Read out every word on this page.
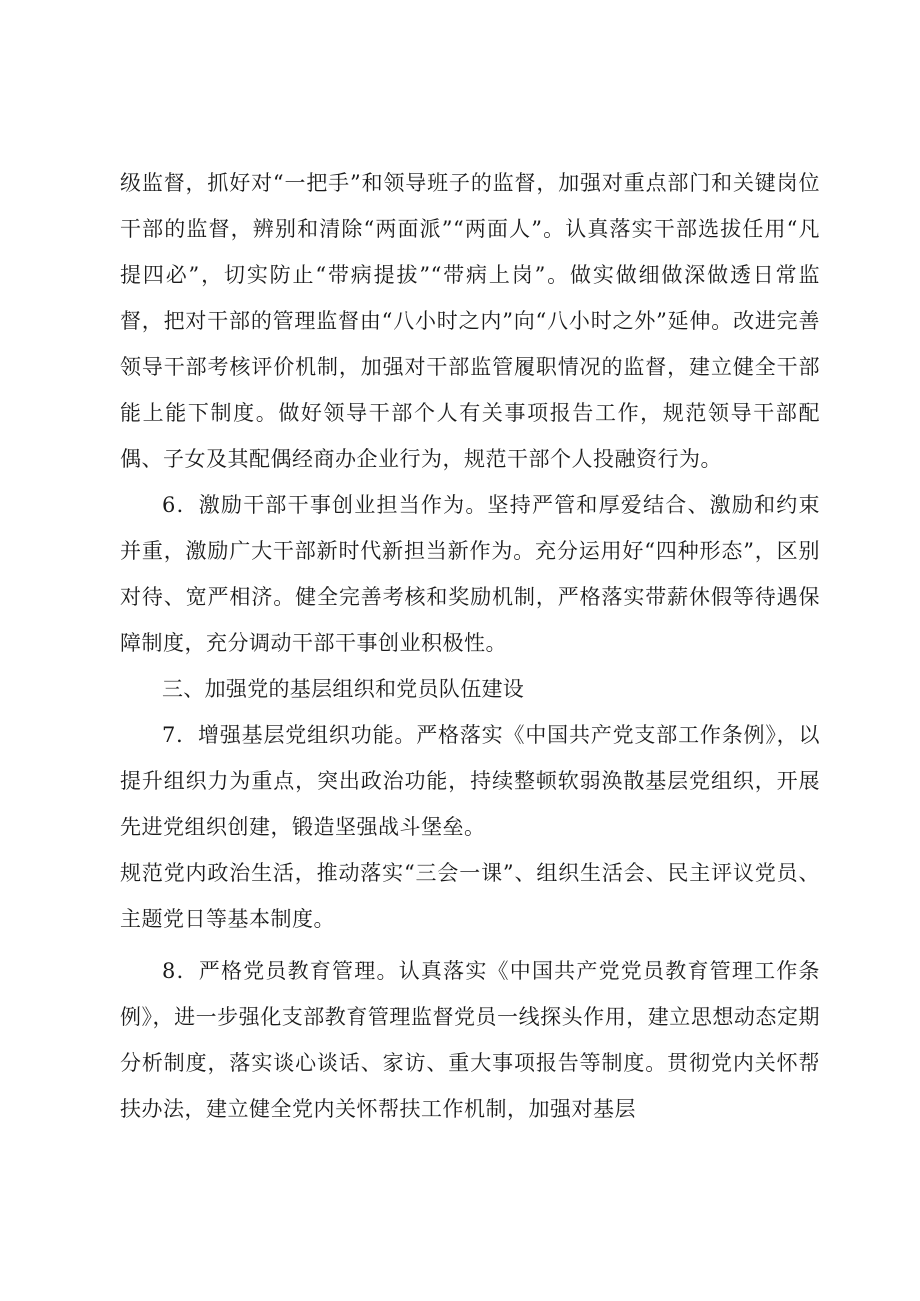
级监督，抓好对“一把手”和领导班子的监督，加强对重点部门和关键岗位干部的监督，辨别和清除“两面派”“两面人”。认真落实干部选拔任用“凡提四必”，切实防止“带病提拔”“带病上岗”。做实做细做深做透日常监督，把对干部的管理监督由“八小时之内”向“八小时之外”延伸。改进完善领导干部考核评价机制，加强对干部监管履职情况的监督，建立健全干部能上能下制度。做好领导干部个人有关事项报告工作，规范领导干部配偶、子女及其配偶经商办企业行为，规范干部个人投融资行为。

6．激励干部干事创业担当作为。坚持严管和厚爱结合、激励和约束并重，激励广大干部新时代新担当新作为。充分运用好“四种形态”，区别对待、宽严相济。健全完善考核和奖励机制，严格落实带薪休假等待遇保障制度，充分调动干部干事创业积极性。

三、加强党的基层组织和党员队伍建设

7．增强基层党组织功能。严格落实《中国共产党支部工作条例》，以提升组织力为重点，突出政治功能，持续整顿软弱涣散基层党组织，开展先进党组织创建，锻造坚强战斗堡垒。

规范党内政治生活，推动落实“三会一课”、组织生活会、民主评议党员、主题党日等基本制度。

8．严格党员教育管理。认真落实《中国共产党党员教育管理工作条例》，进一步强化支部教育管理监督党员一线探头作用，建立思想动态定期分析制度，落实谈心谈话、家访、重大事项报告等制度。贯彻党内关怀帮扶办法，建立健全党内关怀帮扶工作机制，加强对基层
